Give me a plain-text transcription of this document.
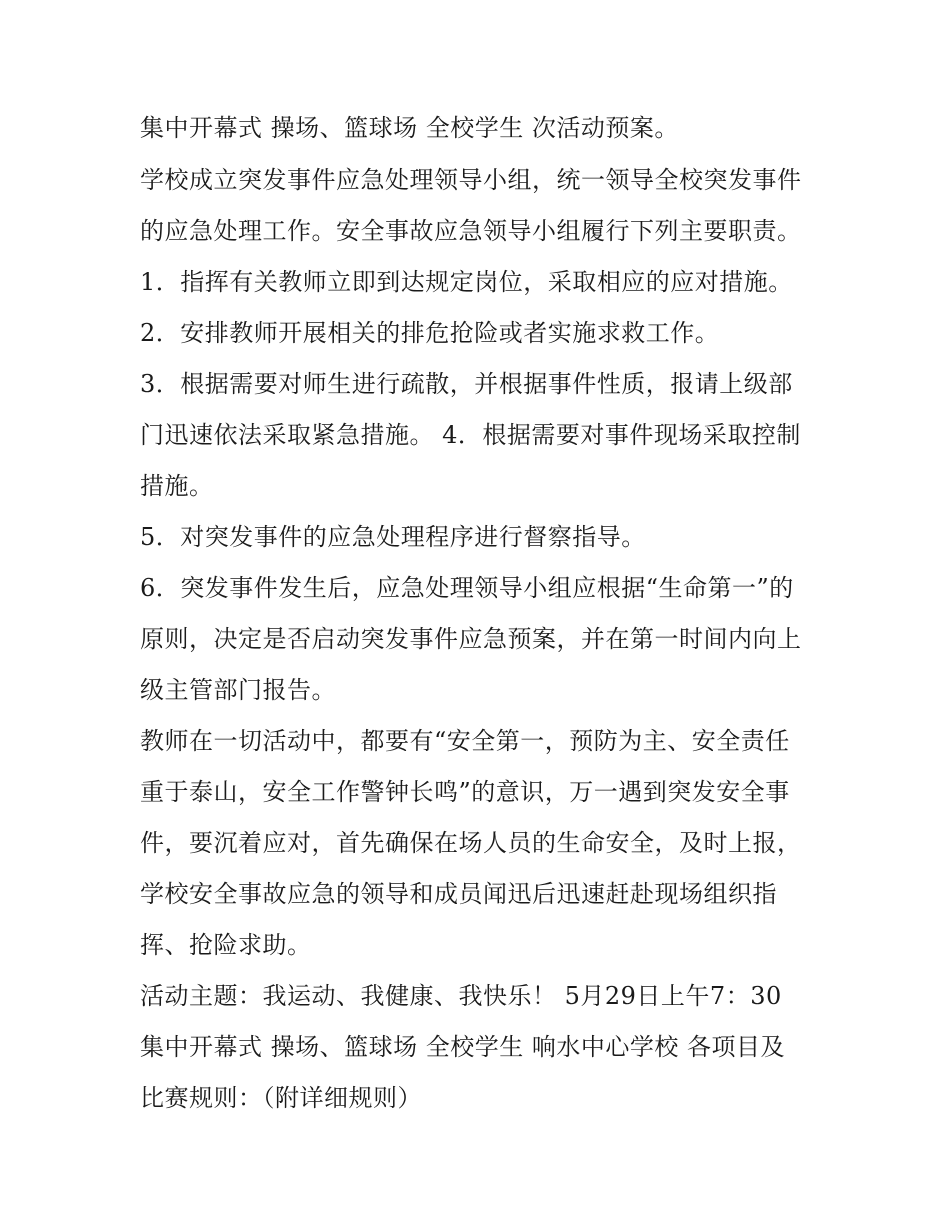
集中开幕式 操场、篮球场 全校学生 次活动预案。
学校成立突发事件应急处理领导小组，统一领导全校突发事件
的应急处理工作。安全事故应急领导小组履行下列主要职责。
1．指挥有关教师立即到达规定岗位，采取相应的应对措施。
2．安排教师开展相关的排危抢险或者实施求救工作。
3．根据需要对师生进行疏散，并根据事件性质，报请上级部
门迅速依法采取紧急措施。 4．根据需要对事件现场采取控制
措施。
5．对突发事件的应急处理程序进行督察指导。
6．突发事件发生后，应急处理领导小组应根据“生命第一”的
原则，决定是否启动突发事件应急预案，并在第一时间内向上
级主管部门报告。
教师在一切活动中，都要有“安全第一，预防为主、安全责任
重于泰山，安全工作警钟长鸣”的意识，万一遇到突发安全事
件，要沉着应对，首先确保在场人员的生命安全，及时上报，
学校安全事故应急的领导和成员闻迅后迅速赶赴现场组织指
挥、抢险求助。
活动主题：我运动、我健康、我快乐！ 5月29日上午7：30
集中开幕式 操场、篮球场 全校学生 响水中心学校 各项目及
比赛规则：（附详细规则）
